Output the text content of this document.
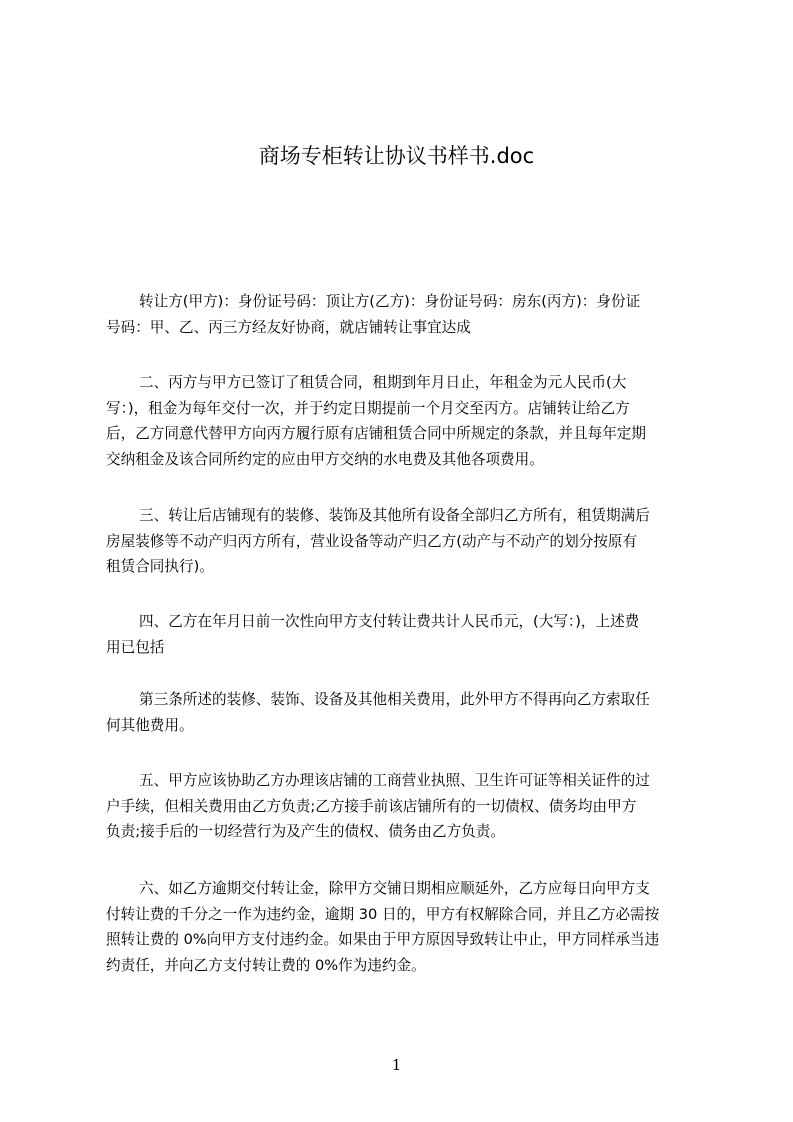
商场专柜转让协议书样书.doc
转让方(甲方)：身份证号码：顶让方(乙方)：身份证号码：房东(丙方)：身份证
号码：甲、乙、丙三方经友好协商，就店铺转让事宜达成
二、丙方与甲方已签订了租赁合同，租期到年月日止，年租金为元人民币(大
写：)，租金为每年交付一次，并于约定日期提前一个月交至丙方。店铺转让给乙方
后，乙方同意代替甲方向丙方履行原有店铺租赁合同中所规定的条款，并且每年定期
交纳租金及该合同所约定的应由甲方交纳的水电费及其他各项费用。
三、转让后店铺现有的装修、装饰及其他所有设备全部归乙方所有，租赁期满后
房屋装修等不动产归丙方所有，营业设备等动产归乙方(动产与不动产的划分按原有
租赁合同执行)。
四、乙方在年月日前一次性向甲方支付转让费共计人民币元，(大写：)，上述费
用已包括
第三条所述的装修、装饰、设备及其他相关费用，此外甲方不得再向乙方索取任
何其他费用。
五、甲方应该协助乙方办理该店铺的工商营业执照、卫生许可证等相关证件的过
户手续，但相关费用由乙方负责;乙方接手前该店铺所有的一切债权、债务均由甲方
负责;接手后的一切经营行为及产生的债权、债务由乙方负责。
六、如乙方逾期交付转让金，除甲方交铺日期相应顺延外，乙方应每日向甲方支
付转让费的千分之一作为违约金，逾期 30 日的，甲方有权解除合同，并且乙方必需按
照转让费的 0%向甲方支付违约金。如果由于甲方原因导致转让中止，甲方同样承当违
约责任，并向乙方支付转让费的 0%作为违约金。
1
